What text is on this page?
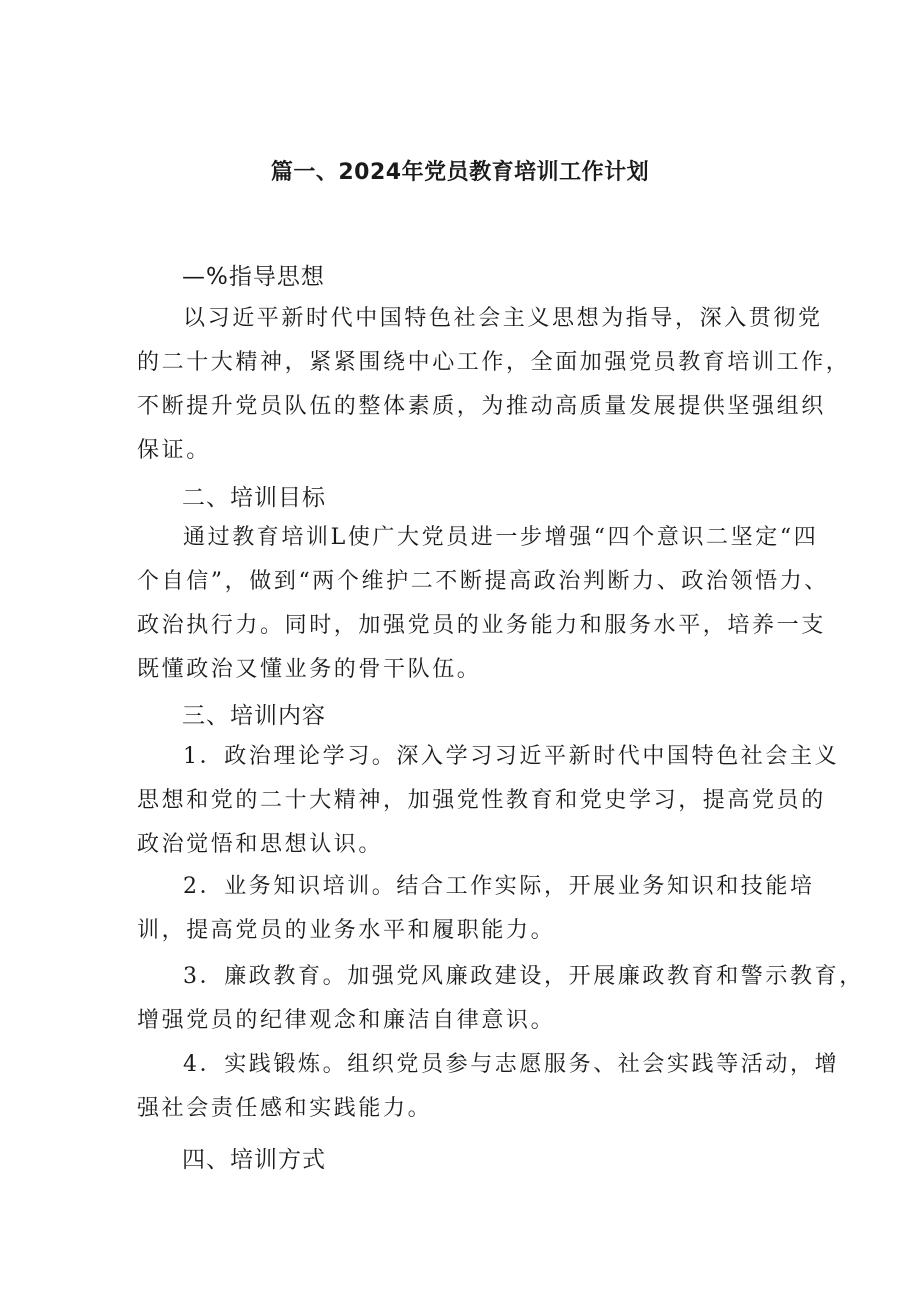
篇一、2024年党员教育培训工作计划
—%指导思想
以习近平新时代中国特色社会主义思想为指导，深入贯彻党
的二十大精神，紧紧围绕中心工作，全面加强党员教育培训工作，
不断提升党员队伍的整体素质，为推动高质量发展提供坚强组织
保证。
二、培训目标
通过教育培训L使广大党员进一步增强“四个意识二坚定“四
个自信”，做到“两个维护二不断提高政治判断力、政治领悟力、
政治执行力。同时，加强党员的业务能力和服务水平，培养一支
既懂政治又懂业务的骨干队伍。
三、培训内容
1．政治理论学习。深入学习习近平新时代中国特色社会主义
思想和党的二十大精神，加强党性教育和党史学习，提高党员的
政治觉悟和思想认识。
2．业务知识培训。结合工作实际，开展业务知识和技能培
训，提高党员的业务水平和履职能力。
3．廉政教育。加强党风廉政建设，开展廉政教育和警示教育，
增强党员的纪律观念和廉洁自律意识。
4．实践锻炼。组织党员参与志愿服务、社会实践等活动，增
强社会责任感和实践能力。
四、培训方式
